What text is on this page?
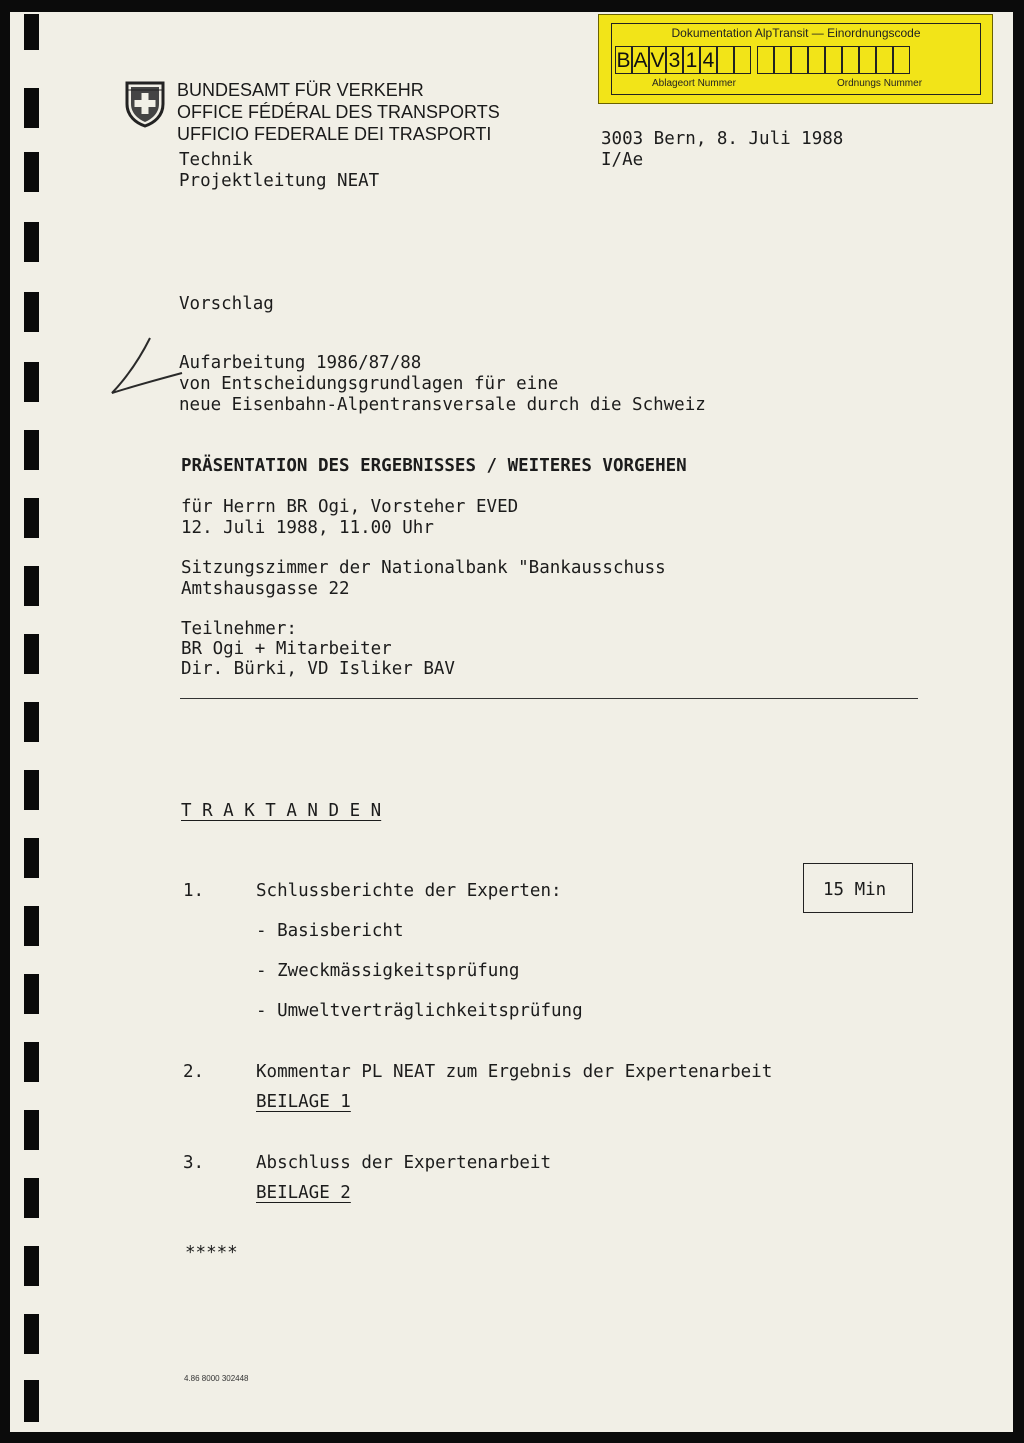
Dokumentation AlpTransit — Einordnungscode
B A V 3 1 4
Ablageort Nummer	Ordnungs Nummer
BUNDESAMT FÜR VERKEHR
OFFICE FÉDÉRAL DES TRANSPORTS
UFFICIO FEDERALE DEI TRASPORTI
Technik
Projektleitung NEAT
3003 Bern, 8. Juli 1988
I/Ae
Vorschlag
Aufarbeitung 1986/87/88
von Entscheidungsgrundlagen für eine
neue Eisenbahn-Alpentransversale durch die Schweiz
PRÄSENTATION DES ERGEBNISSES / WEITERES VORGEHEN
für Herrn BR Ogi, Vorsteher EVED
12. Juli 1988, 11.00 Uhr
Sitzungszimmer der Nationalbank "Bankausschuss
Amtshausgasse 22
Teilnehmer:
BR Ogi + Mitarbeiter
Dir. Bürki, VD Isliker BAV
T R A K T A N D E N
1.	Schlussberichte der Experten:	15 Min
- Basisbericht
- Zweckmässigkeitsprüfung
- Umweltverträglichkeitsprüfung
2.	Kommentar PL NEAT zum Ergebnis der Expertenarbeit
BEILAGE 1
3.	Abschluss der Expertenarbeit
BEILAGE 2
*****
4.86 8000 302448
